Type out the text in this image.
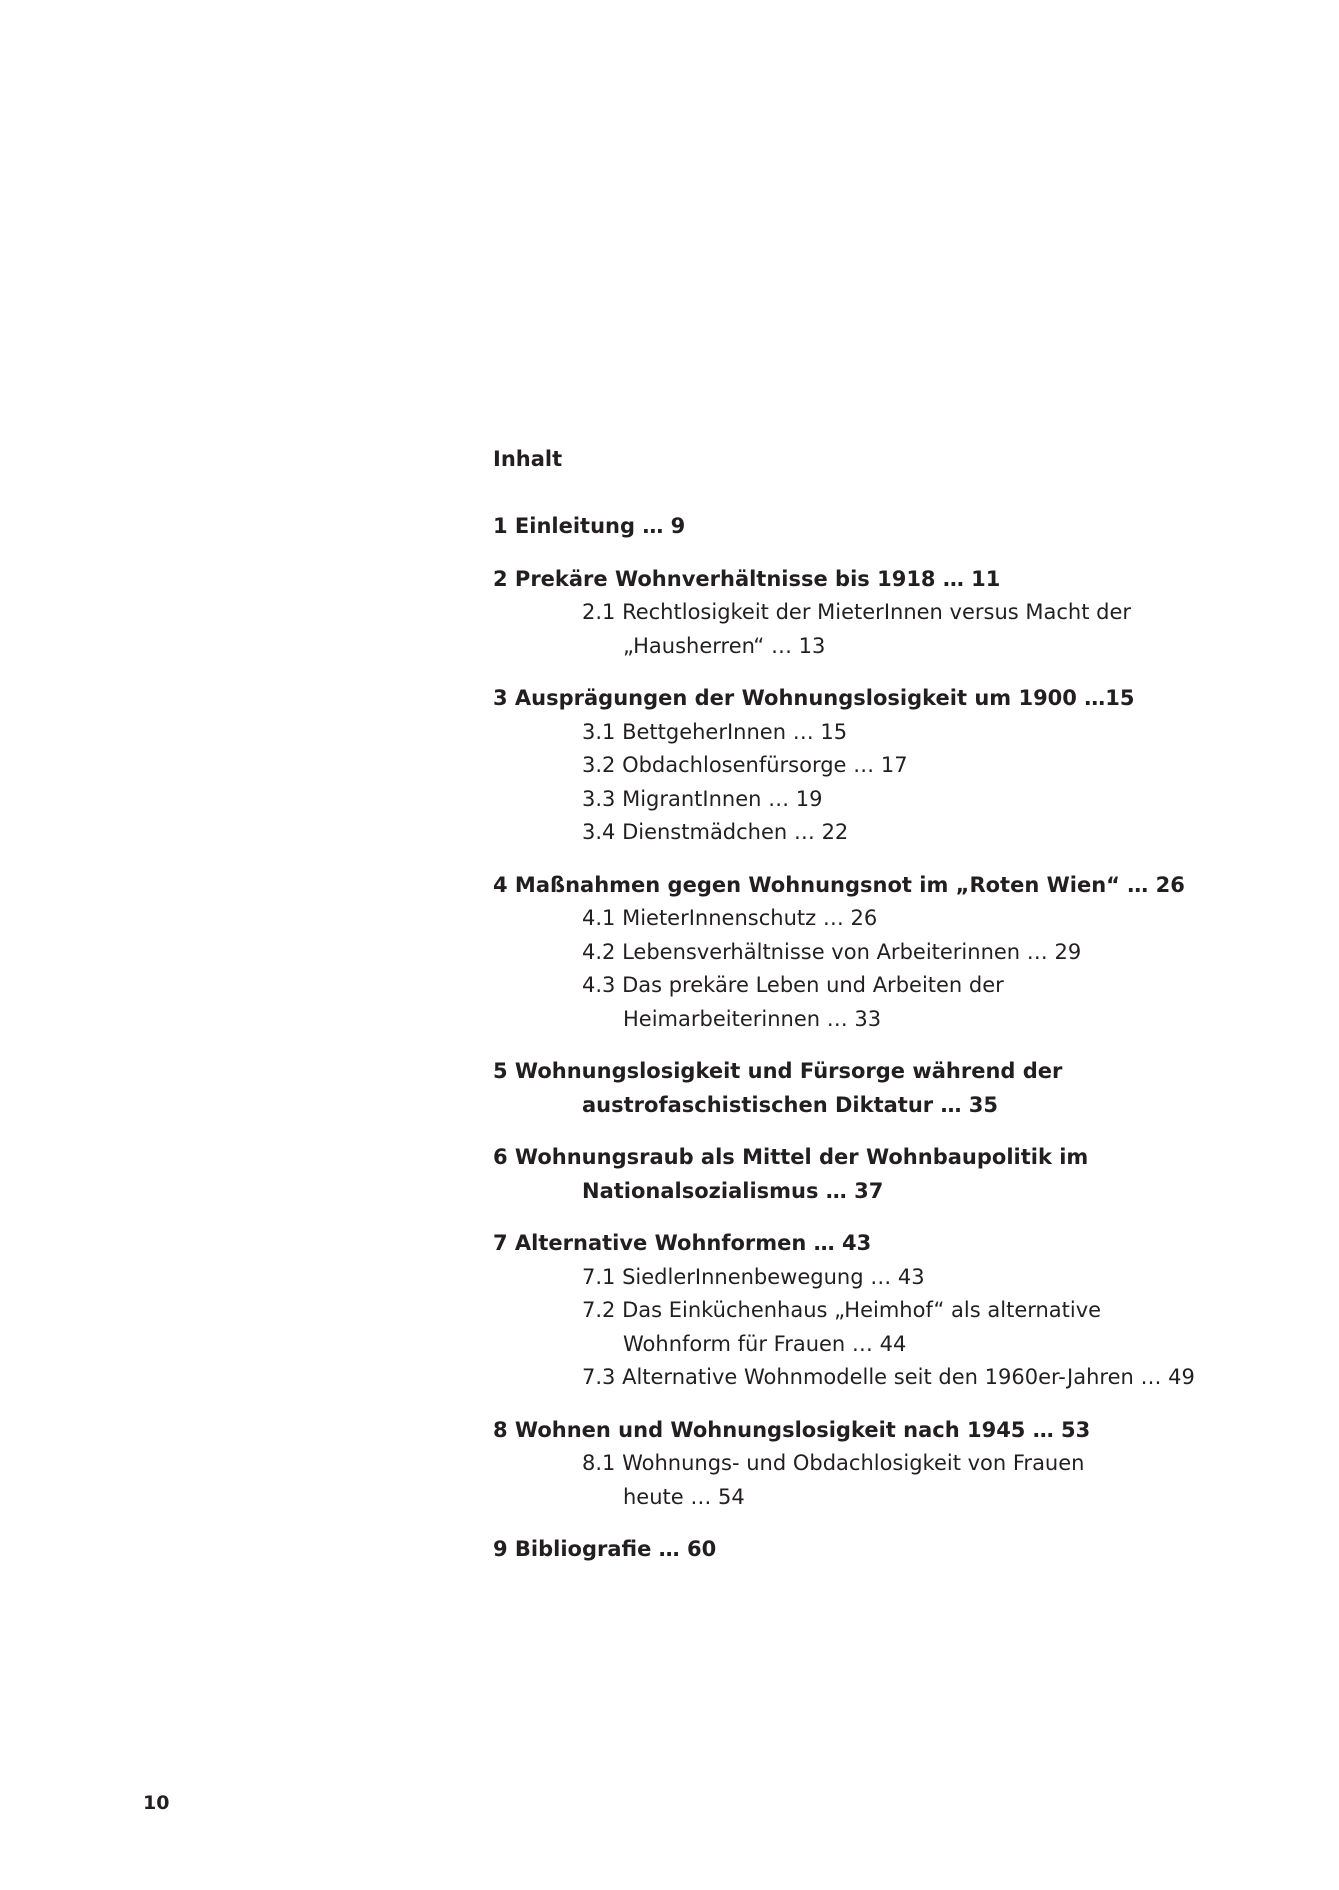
Inhalt
1 Einleitung … 9
2 Prekäre Wohnverhältnisse bis 1918 … 11
2.1 Rechtlosigkeit der MieterInnen versus Macht der
„Hausherren“ … 13
3 Ausprägungen der Wohnungslosigkeit um 1900 …15
3.1 BettgeherInnen … 15
3.2 Obdachlosenfürsorge … 17
3.3 MigrantInnen … 19
3.4 Dienstmädchen … 22
4 Maßnahmen gegen Wohnungsnot im „Roten Wien“ … 26
4.1 MieterInnenschutz … 26
4.2 Lebensverhältnisse von Arbeiterinnen … 29
4.3 Das prekäre Leben und Arbeiten der
Heimarbeiterinnen … 33
5 Wohnungslosigkeit und Fürsorge während der
austrofaschistischen Diktatur … 35
6 Wohnungsraub als Mittel der Wohnbaupolitik im
Nationalsozialismus … 37
7 Alternative Wohnformen … 43
7.1 SiedlerInnenbewegung … 43
7.2 Das Einküchenhaus „Heimhof“ als alternative
Wohnform für Frauen … 44
7.3 Alternative Wohnmodelle seit den 1960er-Jahren … 49
8 Wohnen und Wohnungslosigkeit nach 1945 … 53
8.1 Wohnungs- und Obdachlosigkeit von Frauen
heute … 54
9 Bibliografie … 60
10
